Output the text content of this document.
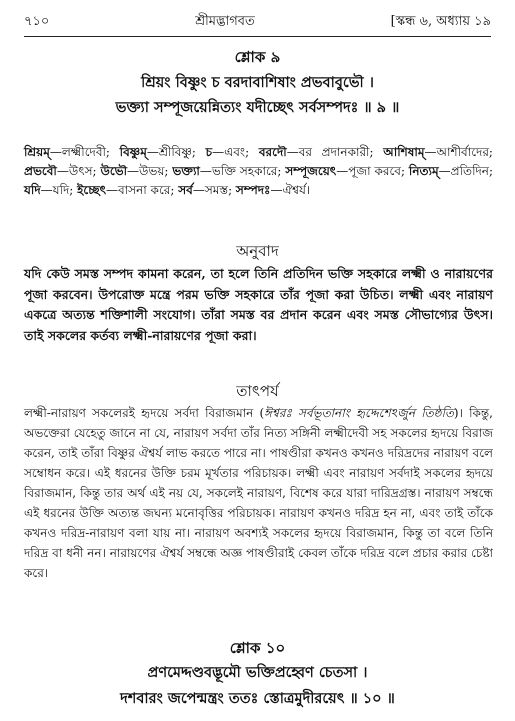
৭১০	শ্রীমদ্ভাগবত	[স্কন্ধ ৬, অধ্যায় ১৯
শ্লোক ৯
শ্রিয়ং বিষ্ণুং চ বরদাবাশিষাং প্রভবাবুভৌ ।
ভক্ত্যা সম্পূজয়েন্নিত্যং যদীচ্ছেৎ সর্বসম্পদঃ ॥ ৯ ॥
শ্রিয়ম্—লক্ষ্মীদেবী; বিষ্ণুম্—শ্রীবিষ্ণু; চ—এবং; বরদৌ—বর প্রদানকারী; আশিষাম্—আশীর্বাদের; প্রভবৌ—উৎস; উভৌ—উভয়; ভক্ত্যা—ভক্তি সহকারে; সম্পূজয়েৎ—পূজা করবে; নিত্যম্—প্রতিদিন; যদি—যদি; ইচ্ছেৎ—বাসনা করে; সর্ব—সমস্ত; সম্পদঃ—ঐশ্বর্য।
অনুবাদ
যদি কেউ সমস্ত সম্পদ কামনা করেন, তা হলে তিনি প্রতিদিন ভক্তি সহকারে লক্ষ্মী ও নারায়ণের পূজা করবেন। উপরোক্ত মন্ত্রে পরম ভক্তি সহকারে তাঁর পূজা করা উচিত। লক্ষ্মী এবং নারায়ণ একত্রে অত্যন্ত শক্তিশালী সংযোগ। তাঁরা সমস্ত বর প্রদান করেন এবং সমস্ত সৌভাগ্যের উৎস। তাই সকলের কর্তব্য লক্ষ্মী-নারায়ণের পূজা করা।
তাৎপর্য
লক্ষ্মী-নারায়ণ সকলেরই হৃদয়ে সর্বদা বিরাজমান (ঈশ্বরঃ সর্বভূতানাং হৃদ্দেশেঽর্জুন তিষ্ঠতি)। কিন্তু, অভক্তেরা যেহেতু জানে না যে, নারায়ণ সর্বদা তাঁর নিত্য সঙ্গিনী লক্ষ্মীদেবী সহ সকলের হৃদয়ে বিরাজ করেন, তাই তাঁরা বিষ্ণুর ঐশ্বর্য লাভ করতে পারে না। পাষণ্ডীরা কখনও কখনও দরিদ্রদের নারায়ণ বলে সম্বোধন করে। এই ধরনের উক্তি চরম মূর্খতার পরিচায়ক। লক্ষ্মী এবং নারায়ণ সর্বদাই সকলের হৃদয়ে বিরাজমান, কিন্তু তার অর্থ এই নয় যে, সকলেই নারায়ণ, বিশেষ করে যারা দারিদ্রগ্রস্ত। নারায়ণ সম্বন্ধে এই ধরনের উক্তি অত্যন্ত জঘন্য মনোবৃত্তির পরিচায়ক। নারায়ণ কখনও দরিদ্র হন না, এবং তাই তাঁকে কখনও দরিদ্র-নারায়ণ বলা যায় না। নারায়ণ অবশ্যই সকলের হৃদয়ে বিরাজমান, কিন্তু তা বলে তিনি দরিদ্র বা ধনী নন। নারায়ণের ঐশ্বর্য সম্বন্ধে অজ্ঞ পাষণ্ডীরাই কেবল তাঁকে দরিদ্র বলে প্রচার করার চেষ্টা করে।
শ্লোক ১০
প্রণমেদ্দণ্ডবদ্ভূমৌ ভক্তিপ্রহ্বেণ চেতসা ।
দশবারং জপেন্মন্ত্রং ততঃ স্তোত্রমুদীরয়েৎ ॥ ১০ ॥
